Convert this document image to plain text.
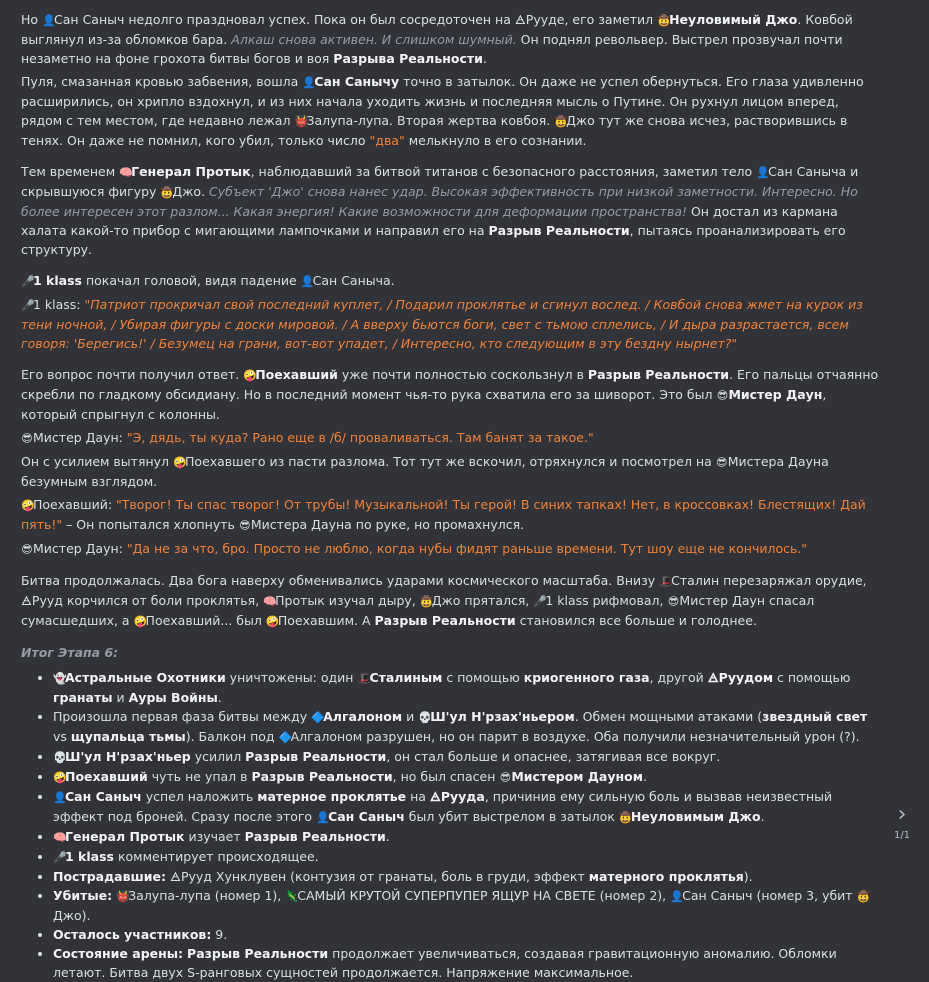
Но 👤Сан Саныч недолго праздновал успех. Пока он был сосредоточен на 🜁Рууде, его заметил 🤠Неуловимый Джо. Ковбой выглянул из-за обломков бара. Алкаш снова активен. И слишком шумный. Он поднял револьвер. Выстрел прозвучал почти незаметно на фоне грохота битвы богов и воя Разрыва Реальности.

Пуля, смазанная кровью забвения, вошла 👤Сан Санычу точно в затылок. Он даже не успел обернуться. Его глаза удивленно расширились, он хрипло вздохнул, и из них начала уходить жизнь и последняя мысль о Путине. Он рухнул лицом вперед, рядом с тем местом, где недавно лежал 👹Залупа-лупа. Вторая жертва ковбоя. 🤠Джо тут же снова исчез, растворившись в тенях. Он даже не помнил, кого убил, только число "два" мелькнуло в его сознании.

Тем временем 🧠Генерал Протык, наблюдавший за битвой титанов с безопасного расстояния, заметил тело 👤Сан Саныча и скрывшуюся фигуру 🤠Джо. Субъект 'Джо' снова нанес удар. Высокая эффективность при низкой заметности. Интересно. Но более интересен этот разлом... Какая энергия! Какие возможности для деформации пространства! Он достал из кармана халата какой-то прибор с мигающими лампочками и направил его на Разрыв Реальности, пытаясь проанализировать его структуру.

🎤1 klass покачал головой, видя падение 👤Сан Саныча.

🎤1 klass: "Патриот прокричал свой последний куплет, / Подарил проклятье и сгинул вослед. / Ковбой снова жмет на курок из тени ночной, / Убирая фигуры с доски мировой. / А вверху бьются боги, свет с тьмою сплелись, / И дыра разрастается, всем говоря: 'Берегись!' / Безумец на грани, вот-вот упадет, / Интересно, кто следующим в эту бездну нырнет?"

Его вопрос почти получил ответ. 🤪Поехавший уже почти полностью соскользнул в Разрыв Реальности. Его пальцы отчаянно скребли по гладкому обсидиану. Но в последний момент чья-то рука схватила его за шиворот. Это был 😎Мистер Даун, который спрыгнул с колонны.

😎Мистер Даун: "Э, дядь, ты куда? Рано еще в /б/ проваливаться. Там банят за такое."

Он с усилием вытянул 🤪Поехавшего из пасти разлома. Тот тут же вскочил, отряхнулся и посмотрел на 😎Мистера Дауна безумным взглядом.

🤪Поехавший: "Творог! Ты спас творог! От трубы! Музыкальной! Ты герой! В синих тапках! Нет, в кроссовках! Блестящих! Дай пять!" – Он попытался хлопнуть 😎Мистера Дауна по руке, но промахнулся.

😎Мистер Даун: "Да не за что, бро. Просто не люблю, когда нубы фидят раньше времени. Тут шоу еще не кончилось."

Битва продолжалась. Два бога наверху обменивались ударами космического масштаба. Внизу 🎩Сталин перезаряжал орудие, 🜁Рууд корчился от боли проклятья, 🧠Протык изучал дыру, 🤠Джо прятался, 🎤1 klass рифмовал, 😎Мистер Даун спасал сумасшедших, а 🤪Поехавший... был 🤪Поехавшим. А Разрыв Реальности становился все больше и голоднее.

Итог Этапа 6:

• 👻Астральные Охотники уничтожены: один 🎩Сталиным с помощью криогенного газа, другой 🜁Руудом с помощью гранаты и Ауры Войны.
• Произошла первая фаза битвы между 🔷Алгалоном и 💀Ш'ул Н'рзах'ньером. Обмен мощными атаками (звездный свет vs щупальца тьмы). Балкон под 🔷Алгалоном разрушен, но он парит в воздухе. Оба получили незначительный урон (?).
• 💀Ш'ул Н'рзах'ньер усилил Разрыв Реальности, он стал больше и опаснее, затягивая все вокруг.
• 🤪Поехавший чуть не упал в Разрыв Реальности, но был спасен 😎Мистером Дауном.
• 👤Сан Саныч успел наложить матерное проклятье на 🜁Рууда, причинив ему сильную боль и вызвав неизвестный эффект под броней. Сразу после этого 👤Сан Саныч был убит выстрелом в затылок 🤠Неуловимым Джо.
• 🧠Генерал Протык изучает Разрыв Реальности.
• 🎤1 klass комментирует происходящее.
• Пострадавшие: 🜁Рууд Хунклувен (контузия от гранаты, боль в груди, эффект матерного проклятья).
• Убитые: 👹Залупа-лупа (номер 1), 🦎САМЫЙ КРУТОЙ СУПЕРПУПЕР ЯЩУР НА СВЕТЕ (номер 2), 👤Сан Саныч (номер 3, убит 🤠Джо).
• Осталось участников: 9.
• Состояние арены: Разрыв Реальности продолжает увеличиваться, создавая гравитационную аномалию. Обломки летают. Битва двух S-ранговых сущностей продолжается. Напряжение максимальное.
›
1/1
